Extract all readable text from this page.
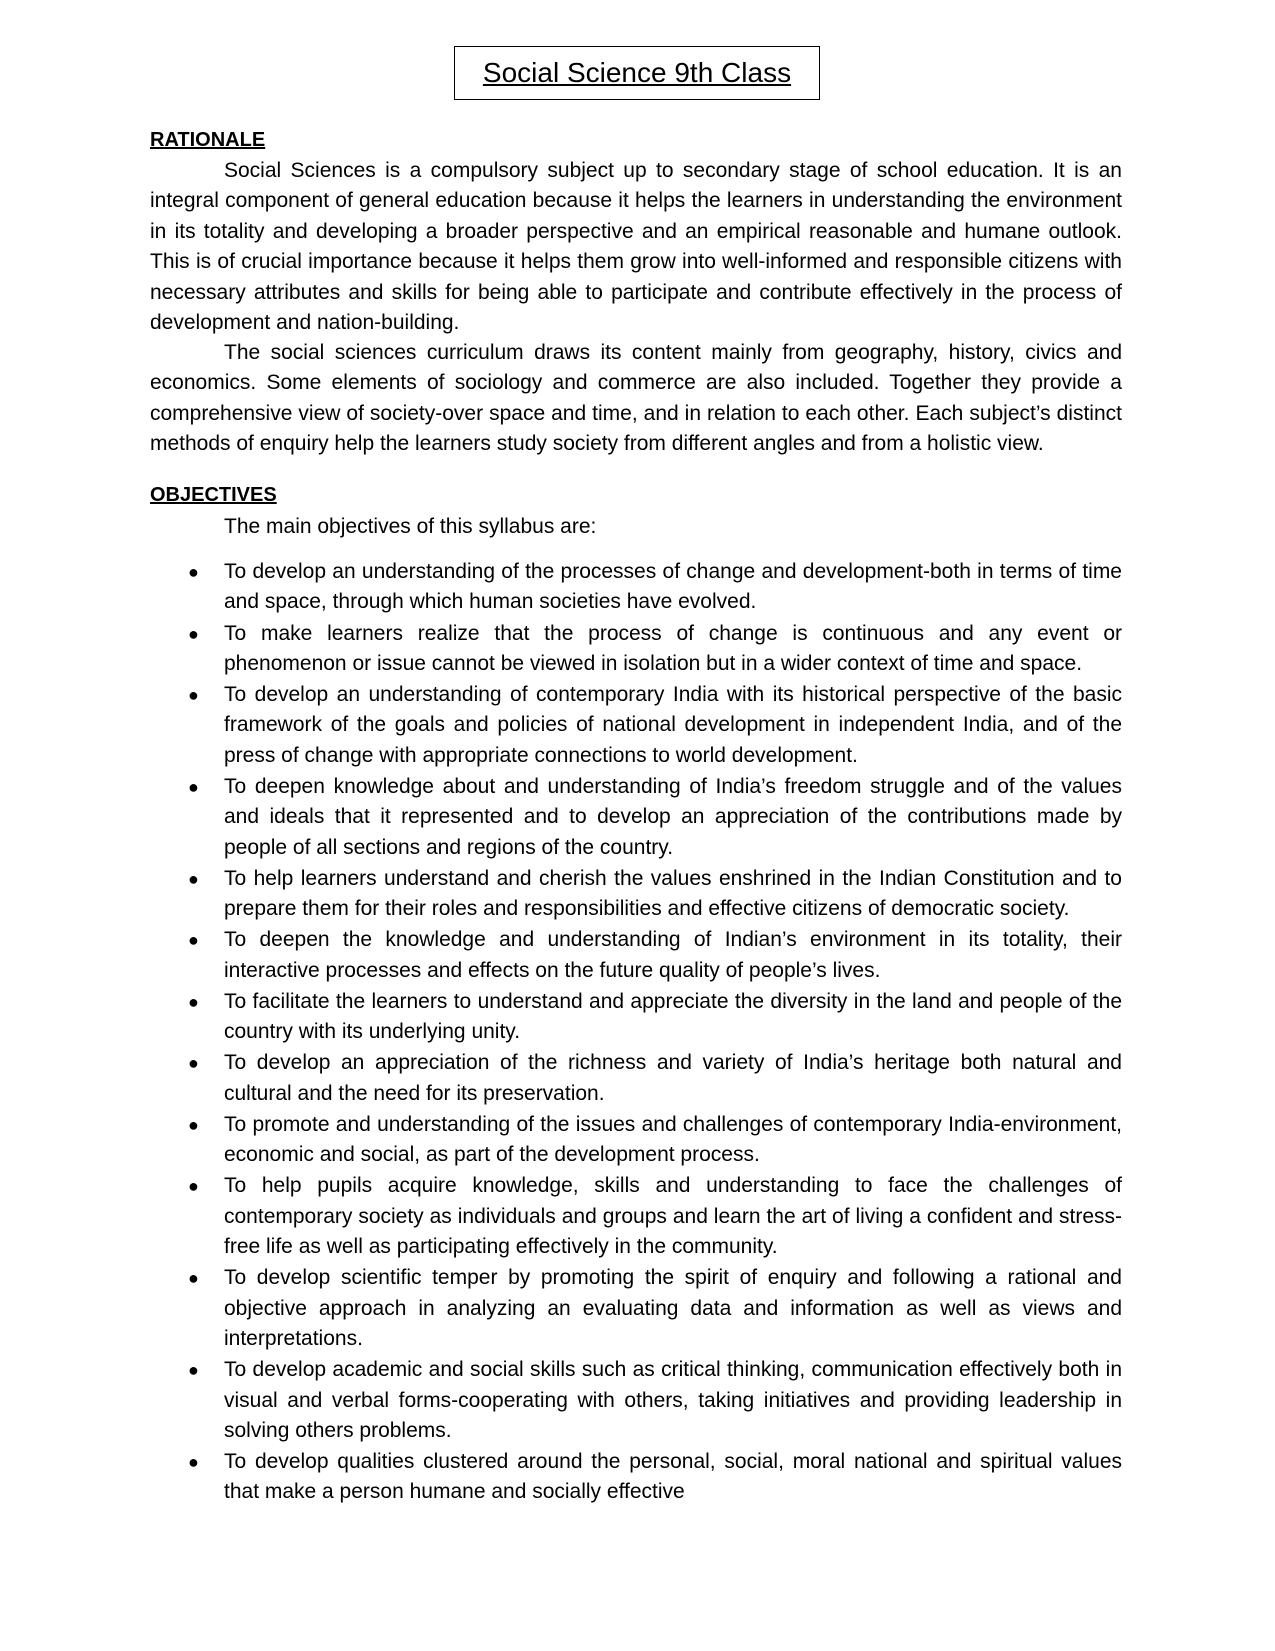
Social Science 9th Class
RATIONALE

Social Sciences is a compulsory subject up to secondary stage of school education. It is an integral component of general education because it helps the learners in understanding the environment in its totality and developing a broader perspective and an empirical reasonable and humane outlook. This is of crucial importance because it helps them grow into well-informed and responsible citizens with necessary attributes and skills for being able to participate and contribute effectively in the process of development and nation-building.

The social sciences curriculum draws its content mainly from geography, history, civics and economics. Some elements of sociology and commerce are also included. Together they provide a comprehensive view of society-over space and time, and in relation to each other. Each subject’s distinct methods of enquiry help the learners study society from different angles and from a holistic view.

OBJECTIVES
The main objectives of this syllabus are:
● To develop an understanding of the processes of change and development-both in terms of time and space, through which human societies have evolved.
● To make learners realize that the process of change is continuous and any event or phenomenon or issue cannot be viewed in isolation but in a wider context of time and space.
● To develop an understanding of contemporary India with its historical perspective of the basic framework of the goals and policies of national development in independent India, and of the press of change with appropriate connections to world development.
● To deepen knowledge about and understanding of India’s freedom struggle and of the values and ideals that it represented and to develop an appreciation of the contributions made by people of all sections and regions of the country.
● To help learners understand and cherish the values enshrined in the Indian Constitution and to prepare them for their roles and responsibilities and effective citizens of democratic society.
● To deepen the knowledge and understanding of Indian’s environment in its totality, their interactive processes and effects on the future quality of people’s lives.
● To facilitate the learners to understand and appreciate the diversity in the land and people of the country with its underlying unity.
● To develop an appreciation of the richness and variety of India’s heritage both natural and cultural and the need for its preservation.
● To promote and understanding of the issues and challenges of contemporary India-environment, economic and social, as part of the development process.
● To help pupils acquire knowledge, skills and understanding to face the challenges of contemporary society as individuals and groups and learn the art of living a confident and stress-free life as well as participating effectively in the community.
● To develop scientific temper by promoting the spirit of enquiry and following a rational and objective approach in analyzing an evaluating data and information as well as views and interpretations.
● To develop academic and social skills such as critical thinking, communication effectively both in visual and verbal forms-cooperating with others, taking initiatives and providing leadership in solving others problems.
● To develop qualities clustered around the personal, social, moral national and spiritual values that make a person humane and socially effective
